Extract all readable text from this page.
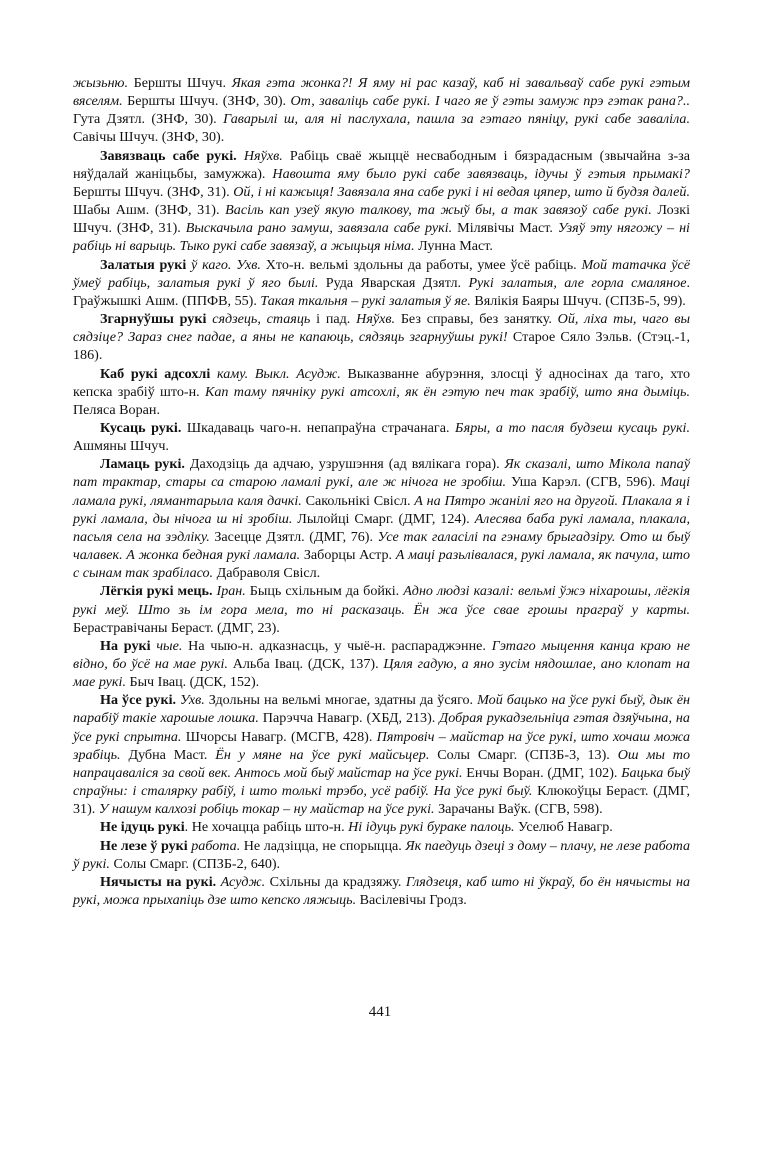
жызьню. Бершты Шчуч. Якая гэта жонка?! Я яму ні рас казаў, каб ні завальваў сабе рукі гэтым вяселям. Бершты Шчуч. (ЗНФ, 30). От, заваліць сабе рукі. І чаго яе ў гэты замуж прэ гэтак рана?.. Гута Дзятл. (ЗНФ, 30). Гаварылі ш, аля ні паслухала, пашла за гэтаго пяніцу, рукі сабе заваліла. Савічы Шчуч. (ЗНФ, 30).

Завязваць сабе рукі. Няўхв. Рабіць сваё жыццё несвабодным і бязрадасным (звычайна з-за няўдалай жаніцьбы, замужжа). Навошта яму было рукі сабе завязваць, ідучы ў гэтыя прымакі? Бершты Шчуч. (ЗНФ, 31). Ой, і ні кажыця! Завязала яна сабе рукі і ні ведая цяпер, што й будзя далей. Шабы Ашм. (ЗНФ, 31). Васіль кап узеў якую талкову, та жыў бы, а так завязоў сабе рукі. Лозкі Шчуч. (ЗНФ, 31). Выскачыла рано замуш, завязала сабе рукі. Мілявічы Маст. Узяў эту нягожу – ні рабіць ні варыць. Тыко рукі сабе завязаў, а жыцьця німа. Лунна Маст.

Залатыя рукі ў каго. Ухв. Хто-н. вельмі здольны да работы, умее ўсё рабіць. Мой татачка ўсё ўмеў рабіць, залатыя рукі ў яго былі. Руда Яварская Дзятл. Рукі залатыя, але горла смаляное. Граўжышкі Ашм. (ППФВ, 55). Такая ткальня – рукі залатыя ў яе. Вялікія Баяры Шчуч. (СПЗБ-5, 99).

Згарнуўшы рукі сядзець, стаяць і пад. Няўхв. Без справы, без занятку. Ой, ліха ты, чаго вы сядзіце? Зараз снег падае, а яны не капаюць, сядзяць згарнуўшы рукі! Старое Сяло Зэльв. (Стэц.-1, 186).

Каб рукі адсохлі каму. Выкл. Асудж. Выказванне абурэння, злосці ў адносінах да таго, хто кепска зрабіў што-н. Кап таму пячніку рукі атсохлі, як ён гэтую печ так зрабіў, што яна дыміць. Пеляса Воран.

Кусаць рукі. Шкадаваць чаго-н. непапраўна страчанага. Бяры, а то пасля будзеш кусаць рукі. Ашмяны Шчуч.

Ламаць рукі. Даходзіць да адчаю, узрушэння (ад вялікага гора). Як сказалі, што Мікола папаў пат трактар, стары са старою ламалі рукі, але ж нічога не зробіш. Уша Карэл. (СГВ, 596). Маці ламала рукі, лямантарыла каля дачкі. Сакольнікі Свісл. А на Пятро жанілі яго на другой. Плакала я і рукі ламала, ды нічога ш ні зробіш. Лылойці Смарг. (ДМГ, 124). Алесява баба рукі ламала, плакала, пасьля села на зэдліку. Засецце Дзятл. (ДМГ, 76). Усе так галасілі па гэнаму брыгадзіру. Ото ш быў чалавек. А жонка бедная рукі ламала. Заборцы Астр. А маці разьлівалася, рукі ламала, як пачула, што с сынам так зрабіласо. Дабраволя Свісл.

Лёгкія рукі мець. Іран. Быць схільным да бойкі. Адно людзі казалі: вельмі ўжэ ніхарошы, лёгкія рукі меў. Што зь ім гора мела, то ні расказаць. Ён жа ўсе свае грошы праграў у карты. Берастравічаны Бераст. (ДМГ, 23).

На рукі чые. На чыю-н. адказнасць, у чыё-н. распараджэнне. Гэтаго мыцення канца краю не відно, бо ўсё на мае рукі. Альба Івац. (ДСК, 137). Цяля гадую, а яно зусім нядошлае, ано клопат на мае рукі. Быч Івац. (ДСК, 152).

На ўсе рукі. Ухв. Здольны на вельмі многае, здатны да ўсяго. Мой бацько на ўсе рукі быў, дык ён парабіў такіе харошые лошка. Парэчча Навагр. (ХБД, 213). Добрая рукадзельніца гэтая дзяўчына, на ўсе рукі спрытна. Шчорсы Навагр. (МСГВ, 428). Пятровіч – майстар на ўсе рукі, што хочаш можа зрабіць. Дубна Маст. Ён у мяне на ўсе рукі майсьцер. Солы Смарг. (СПЗБ-3, 13). Ош мы то напрацаваліся за свой век. Антось мой быў майстар на ўсе рукі. Енчы Воран. (ДМГ, 102). Бацька быў спраўны: і сталярку рабіў, і што толькі трэбо, усё рабіў. На ўсе рукі быў. Клюкоўцы Бераст. (ДМГ, 31). У нашум калхозі робіць токар – ну майстар на ўсе рукі. Зарачаны Ваўк. (СГВ, 598).

Не ідуць рукі. Не хочацца рабіць што-н. Ні ідуць рукі бураке палоць. Уселюб Навагр.

Не лезе ў рукі работа. Не ладзіцца, не спорыцца. Як паедуць дзеці з дому – плачу, не лезе работа ў рукі. Солы Смарг. (СПЗБ-2, 640).

Нячысты на рукі. Асудж. Схільны да крадзяжу. Глядзеця, каб што ні ўкраў, бо ён нячысты на рукі, можа прыхапіць дзе што кепско ляжыць. Васілевічы Гродз.

441
